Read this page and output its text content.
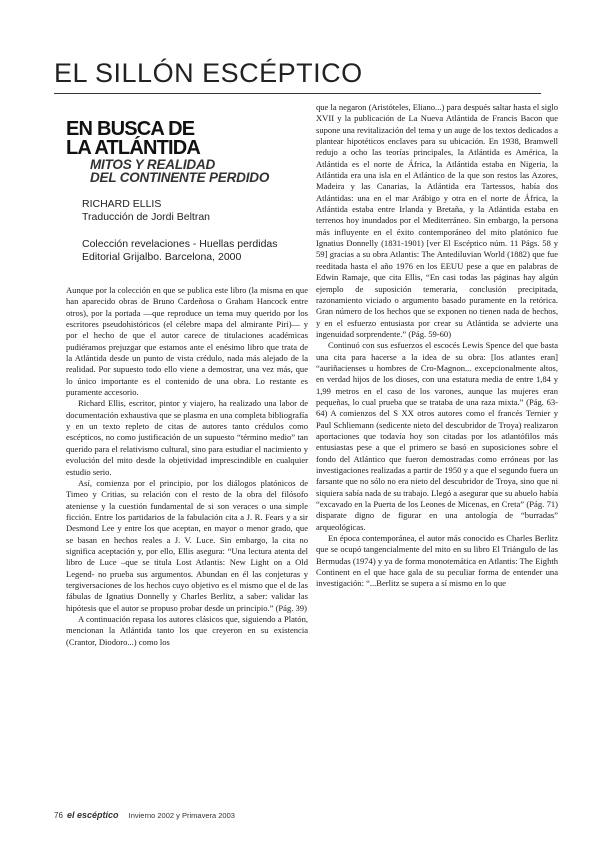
EL SILLÓN ESCÉPTICO
EN BUSCA DE
LA ATLÁNTIDA
MITOS Y REALIDAD
DEL CONTINENTE PERDIDO
RICHARD ELLIS
Traducción de Jordi Beltran
Colección revelaciones - Huellas perdidas
Editorial Grijalbo. Barcelona, 2000

Aunque por la colección en que se publica este libro (la misma en que han aparecido obras de Bruno Cardeñosa o Graham Hancock entre otros), por la portada —que reproduce un tema muy querido por los escritores pseudohistóricos (el célebre mapa del almirante Piri)— y por el hecho de que el autor carece de titulaciones académicas pudiéramos prejuzgar que estamos ante el enésimo libro que trata de la Atlántida desde un punto de vista crédulo, nada más alejado de la realidad. Por supuesto todo ello viene a demostrar, una vez más, que lo único importante es el contenido de una obra. Lo restante es puramente accesorio.

Richard Ellis, escritor, pintor y viajero, ha realizado una labor de documentación exhaustiva que se plasma en una completa bibliografía y en un texto repleto de citas de autores tanto crédulos como escépticos, no como justificación de un supuesto “término medio” tan querido para el relativismo cultural, sino para estudiar el nacimiento y evolución del mito desde la objetividad imprescindible en cualquier estudio serio.

Así, comienza por el principio, por los diálogos platónicos de Timeo y Critias, su relación con el resto de la obra del filósofo ateniense y la cuestión fundamental de si son veraces o una simple ficción. Entre los partidarios de la fabulación cita a J. R. Fears y a sir Desmond Lee y entre los que aceptan, en mayor o menor grado, que se basan en hechos reales a J. V. Luce. Sin embargo, la cita no significa aceptación y, por ello, Ellis asegura: “Una lectura atenta del libro de Luce –que se titula Lost Atlantis: New Light on a Old Legend- no prueba sus argumentos. Abundan en él las conjeturas y tergiversaciones de los hechos cuyo objetivo es el mismo que el de las fábulas de Ignatius Donnelly y Charles Berlitz, a saber: validar las hipótesis que el autor se propuso probar desde un principio.” (Pág. 39)

A continuación repasa los autores clásicos que, siguiendo a Platón, mencionan la Atlántida tanto los que creyeron en su existencia (Crantor, Diodoro...) como los

que la negaron (Aristóteles, Eliano...) para después saltar hasta el siglo XVII y la publicación de La Nueva Atlántida de Francis Bacon que supone una revitalización del tema y un auge de los textos dedicados a plantear hipotéticos enclaves para su ubicación. En 1938, Bramwell redujo a ocho las teorías principales, la Atlántida es América, la Atlántida es el norte de África, la Atlántida estaba en Nigeria, la Atlántida era una isla en el Atlántico de la que son restos las Azores, Madeira y las Canarias, la Atlántida era Tartessos, había dos Atlántidas: una en el mar Arábigo y otra en el norte de África, la Atlántida estaba entre Irlanda y Bretaña, y la Atlántida estaba en terrenos hoy inundados por el Mediterráneo. Sin embargo, la persona más influyente en el éxito contemporáneo del mito platónico fue Ignatius Donnelly (1831-1901) [ver El Escéptico núm. 11 Págs. 58 y 59] gracias a su obra Atlantis: The Antediluvian World (1882) que fue reeditada hasta el año 1976 en los EEUU pese a que en palabras de Edwin Ramaje, que cita Ellis, “En casi todas las páginas hay algún ejemplo de suposición temeraria, conclusión precipitada, razonamiento viciado o argumento basado puramente en la retórica. Gran número de los hechos que se exponen no tienen nada de hechos, y en el esfuerzo entusiasta por crear su Atlántida se advierte una ingenuidad sorprendente.” (Pág. 59-60)

Continuó con sus esfuerzos el escocés Lewis Spence del que basta una cita para hacerse a la idea de su obra: [los atlantes eran] “auriñacienses u hombres de Cro-Magnon... excepcionalmente altos, en verdad hijos de los dioses, con una estatura media de entre 1,84 y 1,99 metros en el caso de los varones, aunque las mujeres eran pequeñas, lo cual prueba que se trataba de una raza mixta.” (Pág. 63-64) A comienzos del S XX otros autores como el francés Ternier y Paul Schliemann (sedicente nieto del descubridor de Troya) realizaron aportaciones que todavía hoy son citadas por los atlantófilos más entusiastas pese a que el primero se basó en suposiciones sobre el fondo del Atlántico que fueron demostradas como erróneas por las investigaciones realizadas a partir de 1950 y a que el segundo fuera un farsante que no sólo no era nieto del descubridor de Troya, sino que ni siquiera sabía nada de su trabajo. Llegó a asegurar que su abuelo había “excavado en la Puerta de los Leones de Micenas, en Creta” (Pág. 71) disparate digno de figurar en una antología de “burradas” arqueológicas.

En época contemporánea, el autor más conocido es Charles Berlitz que se ocupó tangencialmente del mito en su libro El Triángulo de las Bermudas (1974) y ya de forma monotemática en Atlantis: The Eighth Continent en el que hace gala de su peculiar forma de entender una investigación: “...Berlitz se supera a sí mismo en lo que

76 el escéptico Invierno 2002 y Primavera 2003
